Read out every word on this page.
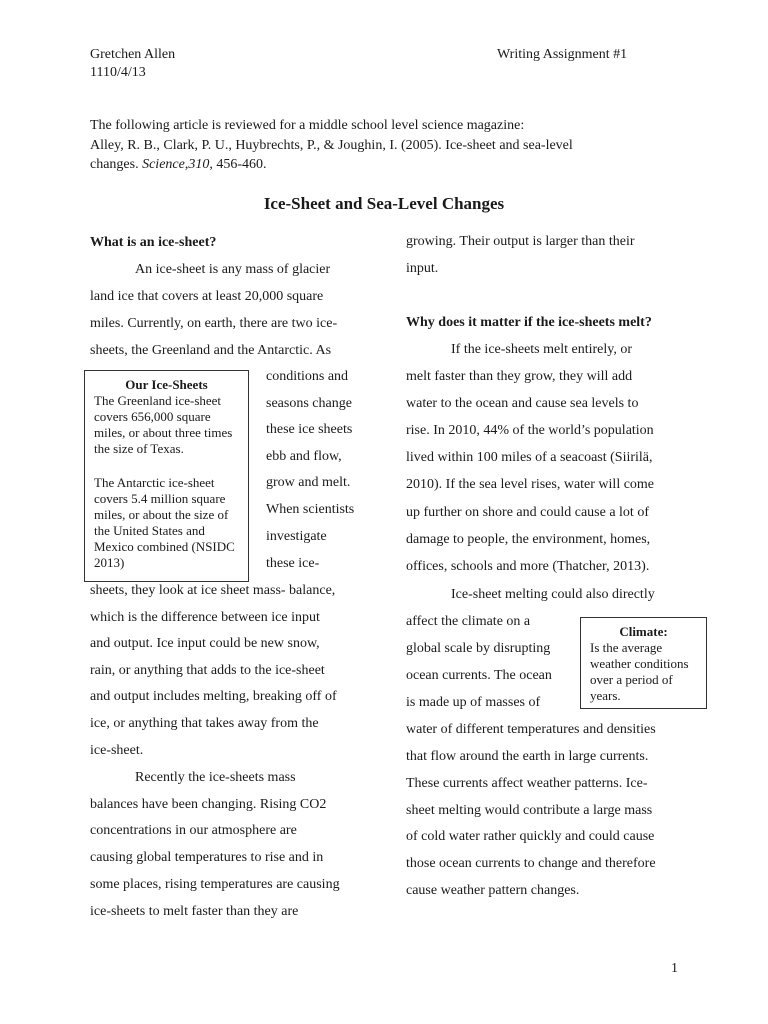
Gretchen Allen
1110/4/13
Writing Assignment #1
The following article is reviewed for a middle school level science magazine:
Alley, R. B., Clark, P. U., Huybrechts, P., & Joughin, I. (2005). Ice-sheet and sea-level
changes. Science,310, 456-460.
Ice-Sheet and Sea-Level Changes
What is an ice-sheet?
An ice-sheet is any mass of glacier
land ice that covers at least 20,000 square
miles. Currently, on earth, there are two ice-
sheets, the Greenland and the Antarctic. As
conditions and
seasons change
these ice sheets
ebb and flow,
grow and melt.
When scientists
investigate
these ice-
Our Ice-Sheets
The Greenland ice-sheet
covers 656,000 square
miles, or about three times
the size of Texas.
The Antarctic ice-sheet
covers 5.4 million square
miles, or about the size of
the United States and
Mexico combined (NSIDC
2013)
sheets, they look at ice sheet mass- balance,
which is the difference between ice input
and output. Ice input could be new snow,
rain, or anything that adds to the ice-sheet
and output includes melting, breaking off of
ice, or anything that takes away from the
ice-sheet.
Recently the ice-sheets mass
balances have been changing. Rising CO2
concentrations in our atmosphere are
causing global temperatures to rise and in
some places, rising temperatures are causing
ice-sheets to melt faster than they are
growing. Their output is larger than their
input.
Why does it matter if the ice-sheets melt?
If the ice-sheets melt entirely, or
melt faster than they grow, they will add
water to the ocean and cause sea levels to
rise. In 2010, 44% of the world’s population
lived within 100 miles of a seacoast (Siirilä,
2010). If the sea level rises, water will come
up further on shore and could cause a lot of
damage to people, the environment, homes,
offices, schools and more (Thatcher, 2013).
Ice-sheet melting could also directly
affect the climate on a
global scale by disrupting
ocean currents. The ocean
is made up of masses of
Climate:
Is the average
weather conditions
over a period of
years.
water of different temperatures and densities
that flow around the earth in large currents.
These currents affect weather patterns. Ice-
sheet melting would contribute a large mass
of cold water rather quickly and could cause
those ocean currents to change and therefore
cause weather pattern changes.
1
